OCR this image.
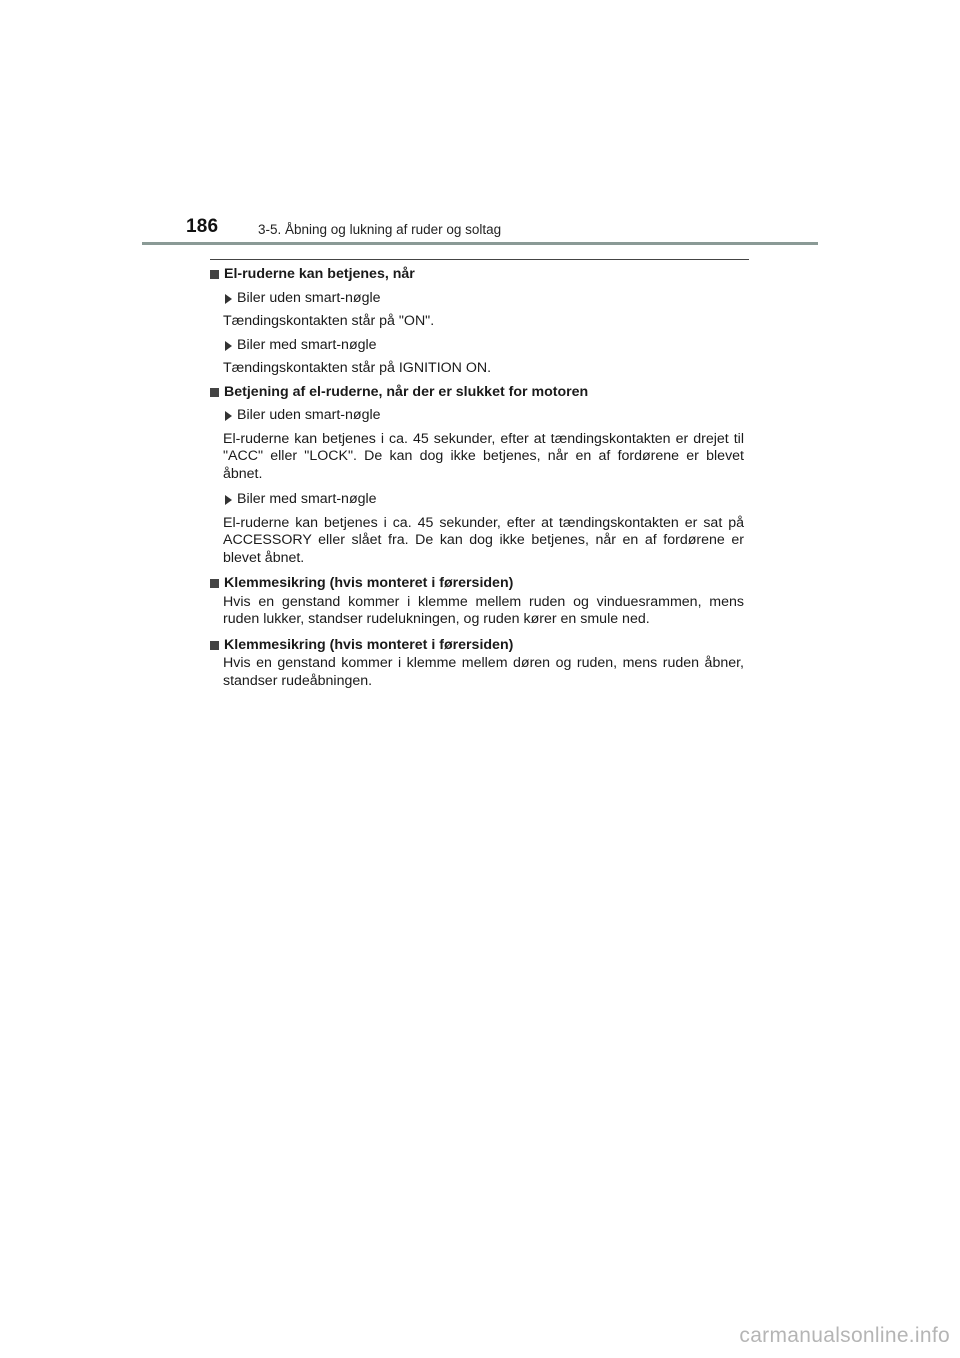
186	3-5. Åbning og lukning af ruder og soltag
El-ruderne kan betjenes, når
Biler uden smart-nøgle
Tændingskontakten står på "ON".
Biler med smart-nøgle
Tændingskontakten står på IGNITION ON.
Betjening af el-ruderne, når der er slukket for motoren
Biler uden smart-nøgle
El-ruderne kan betjenes i ca. 45 sekunder, efter at tændingskontakten er drejet til "ACC" eller "LOCK". De kan dog ikke betjenes, når en af fordørene er blevet åbnet.
Biler med smart-nøgle
El-ruderne kan betjenes i ca. 45 sekunder, efter at tændingskontakten er sat på ACCESSORY eller slået fra. De kan dog ikke betjenes, når en af fordørene er blevet åbnet.
Klemmesikring (hvis monteret i førersiden)
Hvis en genstand kommer i klemme mellem ruden og vinduesrammen, mens ruden lukker, standser rudelukningen, og ruden kører en smule ned.
Klemmesikring (hvis monteret i førersiden)
Hvis en genstand kommer i klemme mellem døren og ruden, mens ruden åbner, standser rudeåbningen.
carmanualsonline.info
